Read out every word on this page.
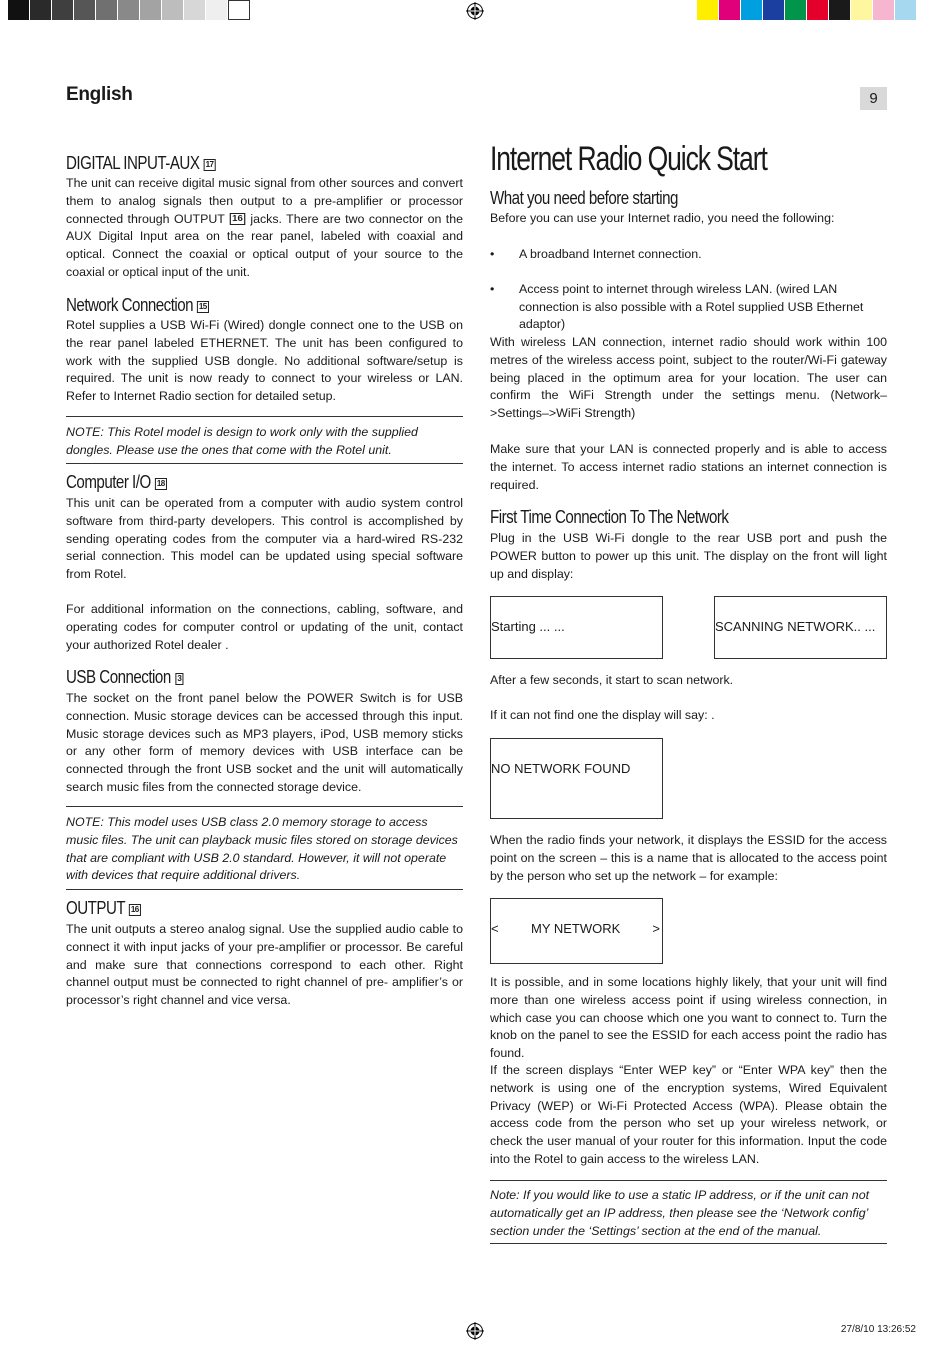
English	9
DIGITAL INPUT-AUX 17
The unit can receive digital music signal from other sources and convert them to analog signals then output to a pre-amplifier or processor connected through OUTPUT 16 jacks. There are two connector on the AUX Digital Input area on the rear panel, labeled with coaxial and optical. Connect the coaxial or optical output of your source to the coaxial or optical input of the unit.
Network Connection 15
Rotel supplies a USB Wi-Fi (Wired) dongle connect one to the USB on the rear panel labeled ETHERNET. The unit has been configured to work with the supplied USB dongle. No additional software/setup is required. The unit is now ready to connect to your wireless or LAN. Refer to Internet Radio section for detailed setup.
NOTE: This Rotel model is design to work only with the supplied dongles. Please use the ones that come with the Rotel unit.
Computer I/O 18
This unit can be operated from a computer with audio system control software from third-party developers. This control is accomplished by sending operating codes from the computer via a hard-wired RS-232 serial connection. This model can be updated using special software from Rotel.
For additional information on the connections, cabling, software, and operating codes for computer control or updating of the unit, contact your authorized Rotel dealer .
USB Connection 3
The socket on the front panel below the POWER Switch is for USB connection. Music storage devices can be accessed through this input. Music storage devices such as MP3 players, iPod, USB memory sticks or any other form of memory devices with USB interface can be connected through the front USB socket and the unit will automatically search music files from the connected storage device.
NOTE: This model uses USB class 2.0 memory storage to access music files. The unit can playback music files stored on storage devices that are compliant with USB 2.0 standard. However, it will not operate with devices that require additional drivers.
OUTPUT 16
The unit outputs a stereo analog signal. Use the supplied audio cable to connect it with input jacks of your pre-amplifier or processor. Be careful and make sure that connections correspond to each other. Right channel output must be connected to right channel of pre- amplifier’s or processor’s right channel and vice versa.
Internet Radio Quick Start
What you need before starting
Before you can use your Internet radio, you need the following:
• A broadband Internet connection.
• Access point to internet through wireless LAN. (wired LAN connection is also possible with a Rotel supplied USB Ethernet adaptor)
With wireless LAN connection, internet radio should work within 100 metres of the wireless access point, subject to the router/Wi-Fi gateway being placed in the optimum area for your location. The user can confirm the WiFi Strength under the settings menu. (Network–>Settings–>WiFi Strength)
Make sure that your LAN is connected properly and is able to access the internet. To access internet radio stations an internet connection is required.
First Time Connection To The Network
Plug in the USB Wi-Fi dongle to the rear USB port and push the POWER button to power up this unit. The display on the front will light up and display:
Starting ... ...	SCANNING NETWORK.. ...
After a few seconds, it start to scan network.
If it can not find one the display will say: .
NO NETWORK FOUND
When the radio finds your network, it displays the ESSID for the access point on the screen – this is a name that is allocated to the access point by the person who set up the network – for example:
< MY NETWORK >
It is possible, and in some locations highly likely, that your unit will find more than one wireless access point if using wireless connection, in which case you can choose which one you want to connect to. Turn the knob on the panel to see the ESSID for each access point the radio has found.
If the screen displays “Enter WEP key” or “Enter WPA key” then the network is using one of the encryption systems, Wired Equivalent Privacy (WEP) or Wi-Fi Protected Access (WPA). Please obtain the access code from the person who set up your wireless network, or check the user manual of your router for this information. Input the code into the Rotel to gain access to the wireless LAN.
Note: If you would like to use a static IP address, or if the unit can not automatically get an IP address, then please see the ‘Network config’ section under the ‘Settings’ section at the end of the manual.
27/8/10 13:26:52
